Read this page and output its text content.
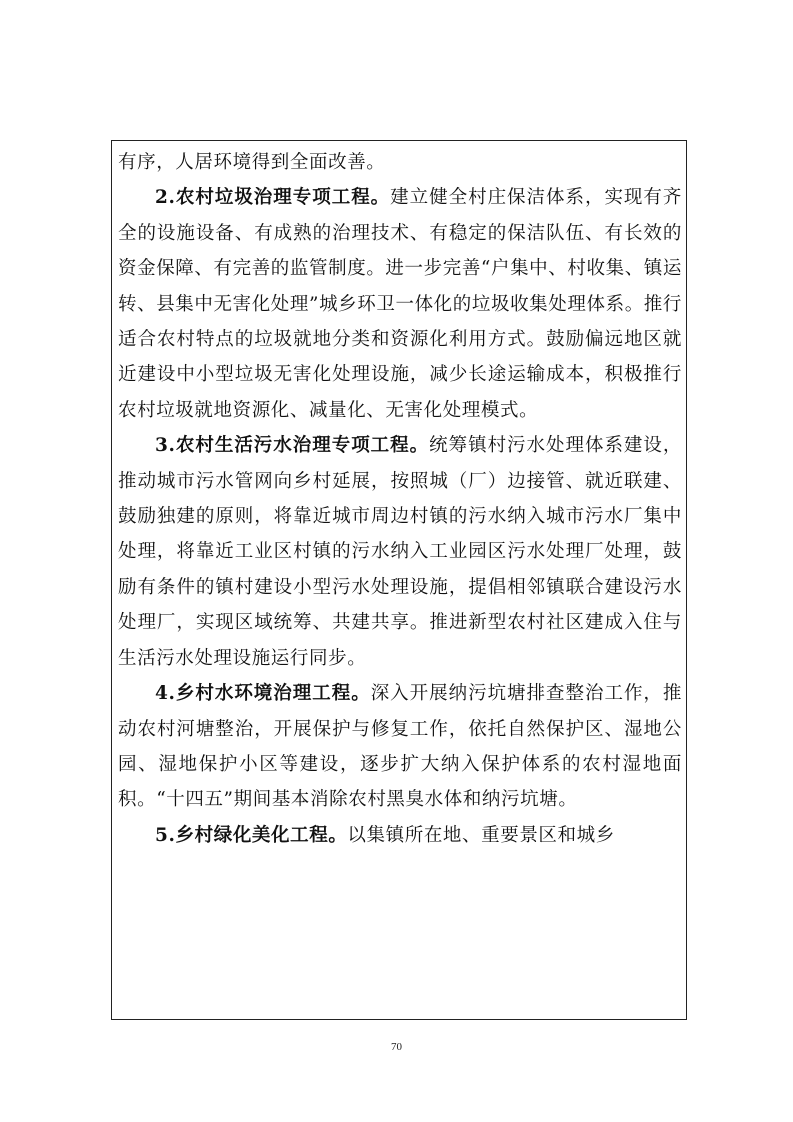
有序，人居环境得到全面改善。

2.农村垃圾治理专项工程。建立健全村庄保洁体系，实现有齐全的设施设备、有成熟的治理技术、有稳定的保洁队伍、有长效的资金保障、有完善的监管制度。进一步完善“户集中、村收集、镇运转、县集中无害化处理”城乡环卫一体化的垃圾收集处理体系。推行适合农村特点的垃圾就地分类和资源化利用方式。鼓励偏远地区就近建设中小型垃圾无害化处理设施，减少长途运输成本，积极推行农村垃圾就地资源化、减量化、无害化处理模式。

3.农村生活污水治理专项工程。统筹镇村污水处理体系建设，推动城市污水管网向乡村延展，按照城（厂）边接管、就近联建、鼓励独建的原则，将靠近城市周边村镇的污水纳入城市污水厂集中处理，将靠近工业区村镇的污水纳入工业园区污水处理厂处理，鼓励有条件的镇村建设小型污水处理设施，提倡相邻镇联合建设污水处理厂，实现区域统筹、共建共享。推进新型农村社区建成入住与生活污水处理设施运行同步。

4.乡村水环境治理工程。深入开展纳污坑塘排查整治工作，推动农村河塘整治，开展保护与修复工作，依托自然保护区、湿地公园、湿地保护小区等建设，逐步扩大纳入保护体系的农村湿地面积。“十四五”期间基本消除农村黑臭水体和纳污坑塘。

5.乡村绿化美化工程。以集镇所在地、重要景区和城乡

70
